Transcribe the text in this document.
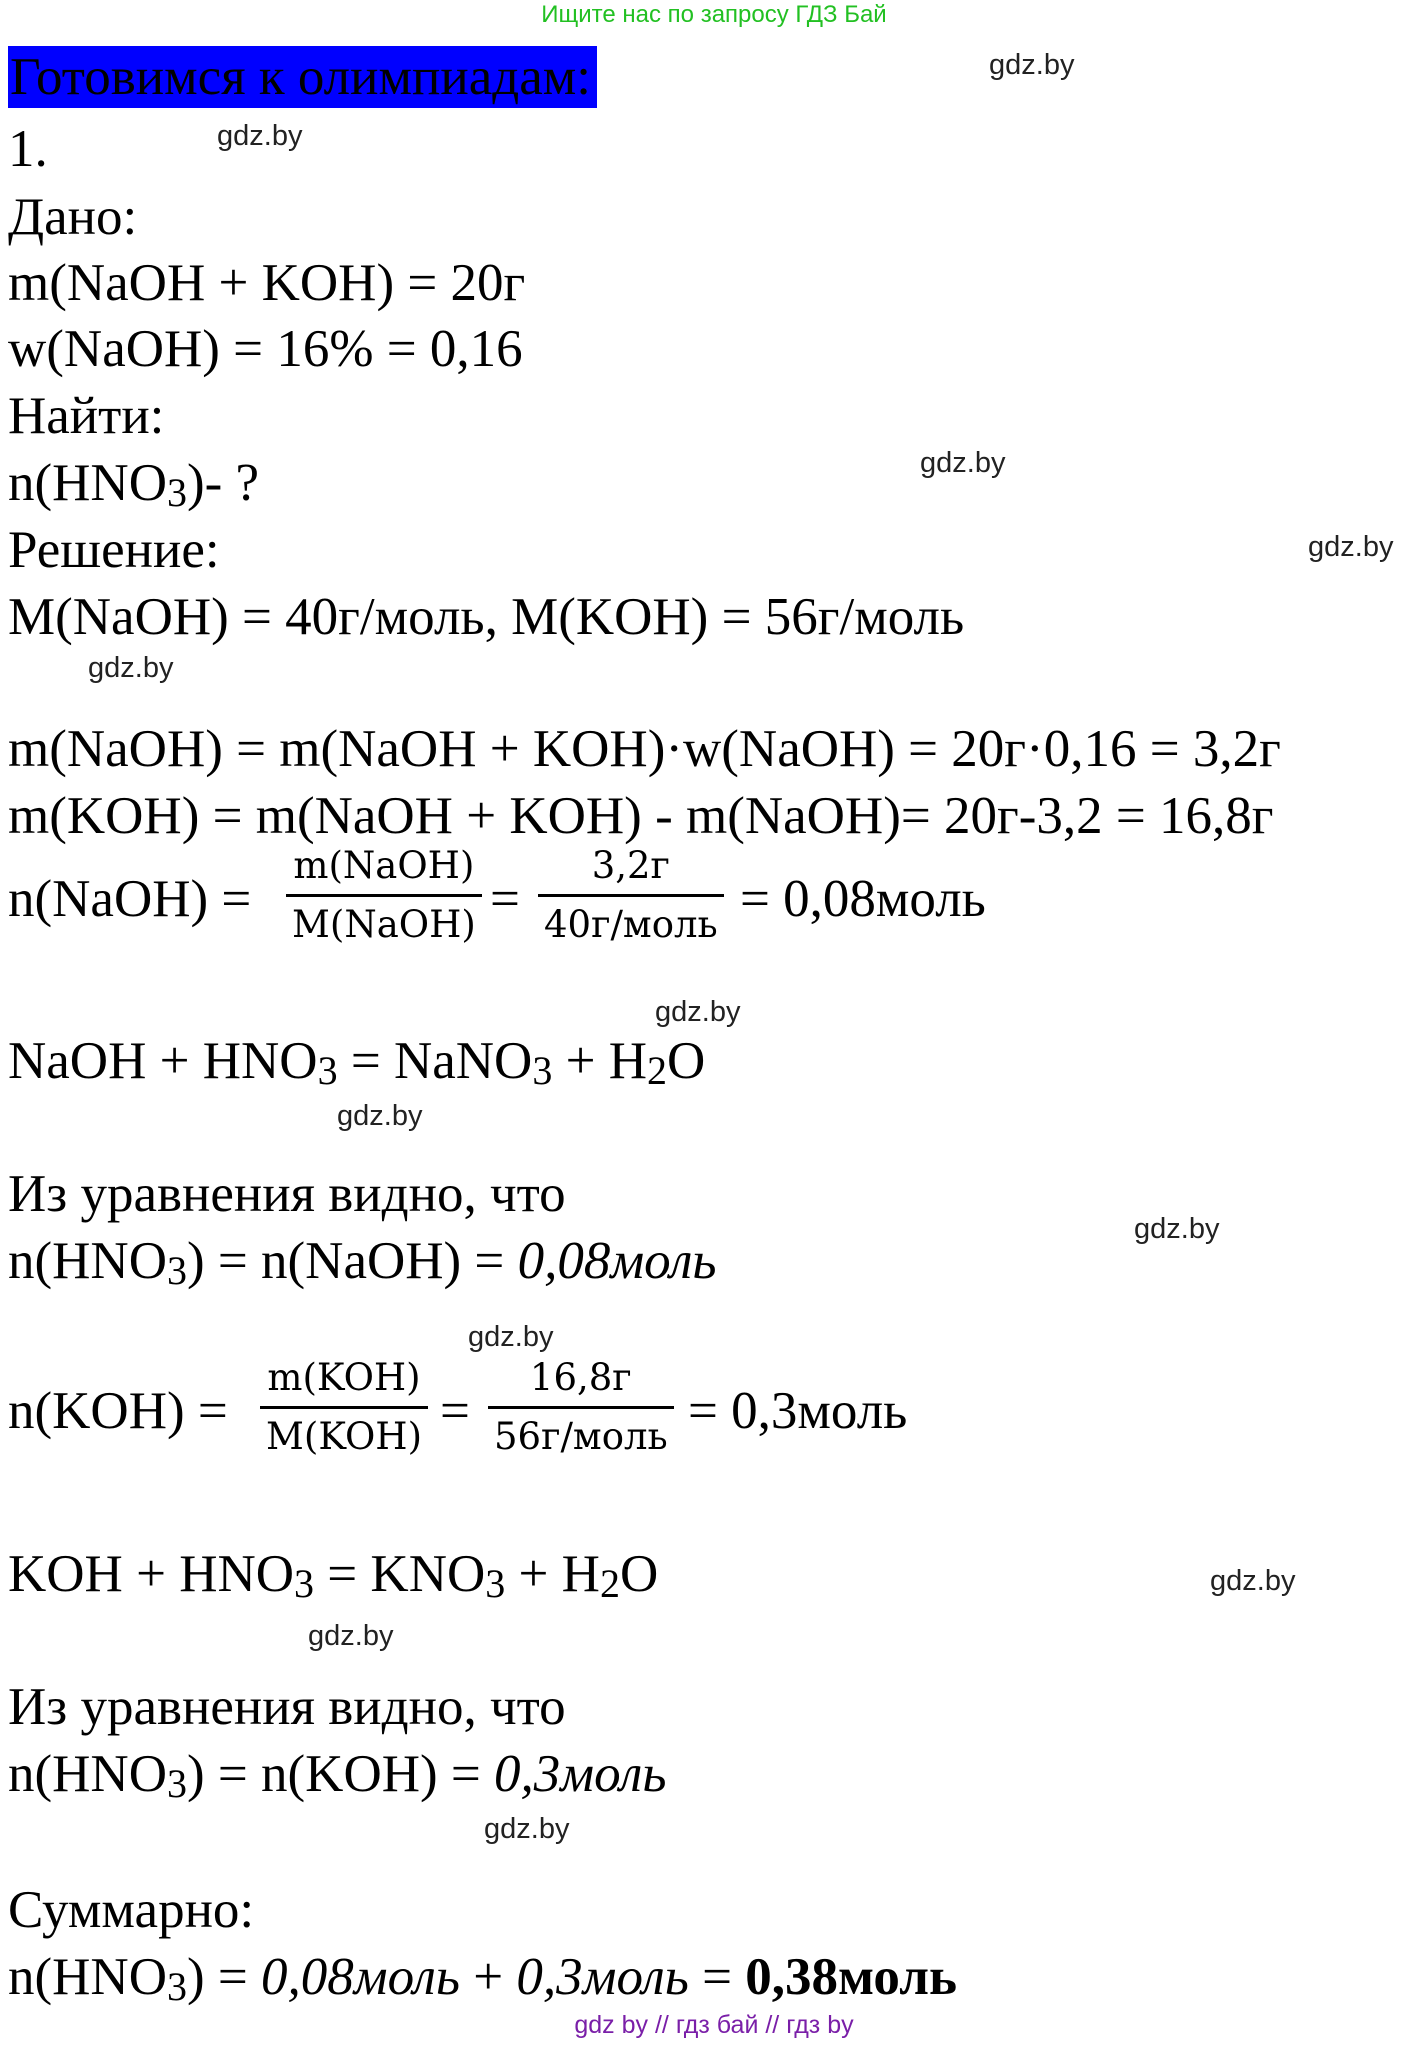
Ищите нас по запросу ГДЗ Бай
Готовимся к олимпиадам:
1.
Дано:
m(NaOH + KOH) = 20г
w(NaOH) = 16% = 0,16
Найти:
$n(HNO_3)-$ ?
Решение:
M(NaOH) = 40г/моль, M(KOH) = 56г/моль
m(NaOH) = m(NaOH + KOH)·w(NaOH) = 20г·0,16 = 3,2г
m(KOH) = m(NaOH + KOH) - m(NaOH)= 20г-3,2 = 16,8г
n(NaOH) =
m(NaOH)
M(NaOH) =
3,2г
40г/моль = 0,08моль
NaOH + $HNO_3$ = NaNO$_3$ + $H_2O$
Из уравнения видно, что
$n(HNO_3)$ = n(NaOH) = 0,08моль
n(KOH) =
m(KOH)
M(KOH) =
16,8г
56г/моль = 0,3моль
KOH + $HNO_3 = KNO_3 + H_2O$
Из уравнения видно, что
$n(HNO_3) = n(KOH)$ = 0,3моль
Суммарно:
$n(HNO_3)$ = 0,08моль + 0,3моль = 0,38моль
gdz.by
gdz.by
gdz.by
gdz.by
gdz.by
gdz.by
gdz.by
gdz.by
gdz.by
gdz.by
gdz.by
gdz.by
gdz by // гдз бай // гдз by
